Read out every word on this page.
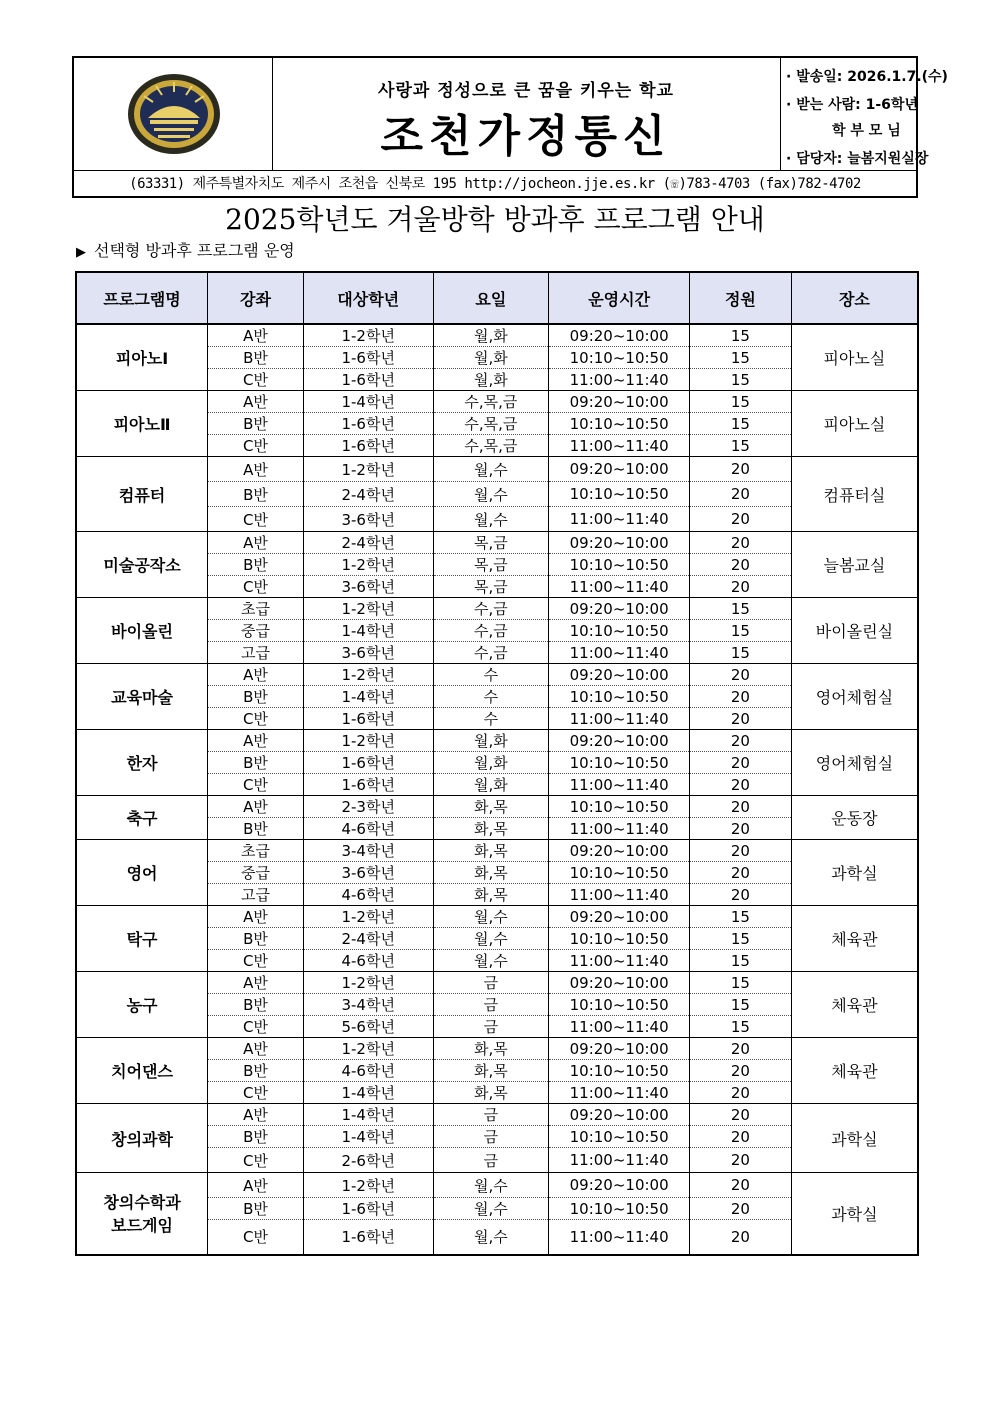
사랑과 정성으로 큰 꿈을 키우는 학교
조천가정통신
· 발송일: 2026.1.7.(수)
· 받는 사람: 1-6학년
학 부 모 님
· 담당자: 늘봄지원실장
(63331) 제주특별자치도 제주시 조천읍 신북로 195 http://jocheon.jje.es.kr (☏)783-4703 (fax)782-4702
2025학년도 겨울방학 방과후 프로그램 안내
▶ 선택형 방과후 프로그램 운영
프로그램명	강좌	대상학년	요일	운영시간	정원	장소
피아노Ⅰ	A반	1-2학년	월,화	09:20~10:00	15	피아노실
	B반	1-6학년	월,화	10:10~10:50	15	
	C반	1-6학년	월,화	11:00~11:40	15	
피아노Ⅱ	A반	1-4학년	수,목,금	09:20~10:00	15	피아노실
	B반	1-6학년	수,목,금	10:10~10:50	15	
	C반	1-6학년	수,목,금	11:00~11:40	15	
컴퓨터	A반	1-2학년	월,수	09:20~10:00	20	컴퓨터실
	B반	2-4학년	월,수	10:10~10:50	20	
	C반	3-6학년	월,수	11:00~11:40	20	
미술공작소	A반	2-4학년	목,금	09:20~10:00	20	늘봄교실
	B반	1-2학년	목,금	10:10~10:50	20	
	C반	3-6학년	목,금	11:00~11:40	20	
바이올린	초급	1-2학년	수,금	09:20~10:00	15	바이올린실
	중급	1-4학년	수,금	10:10~10:50	15	
	고급	3-6학년	수,금	11:00~11:40	15	
교육마술	A반	1-2학년	수	09:20~10:00	20	영어체험실
	B반	1-4학년	수	10:10~10:50	20	
	C반	1-6학년	수	11:00~11:40	20	
한자	A반	1-2학년	월,화	09:20~10:00	20	영어체험실
	B반	1-6학년	월,화	10:10~10:50	20	
	C반	1-6학년	월,화	11:00~11:40	20	
축구	A반	2-3학년	화,목	10:10~10:50	20	운동장
	B반	4-6학년	화,목	11:00~11:40	20	
영어	초급	3-4학년	화,목	09:20~10:00	20	과학실
	중급	3-6학년	화,목	10:10~10:50	20	
	고급	4-6학년	화,목	11:00~11:40	20	
탁구	A반	1-2학년	월,수	09:20~10:00	15	체육관
	B반	2-4학년	월,수	10:10~10:50	15	
	C반	4-6학년	월,수	11:00~11:40	15	
농구	A반	1-2학년	금	09:20~10:00	15	체육관
	B반	3-4학년	금	10:10~10:50	15	
	C반	5-6학년	금	11:00~11:40	15	
치어댄스	A반	1-2학년	화,목	09:20~10:00	20	체육관
	B반	4-6학년	화,목	10:10~10:50	20	
	C반	1-4학년	화,목	11:00~11:40	20	
창의과학	A반	1-4학년	금	09:20~10:00	20	과학실
	B반	1-4학년	금	10:10~10:50	20	
	C반	2-6학년	금	11:00~11:40	20	
창의수학과
보드게임	A반	1-2학년	월,수	09:20~10:00	20	과학실
	B반	1-6학년	월,수	10:10~10:50	20	
	C반	1-6학년	월,수	11:00~11:40	20	
